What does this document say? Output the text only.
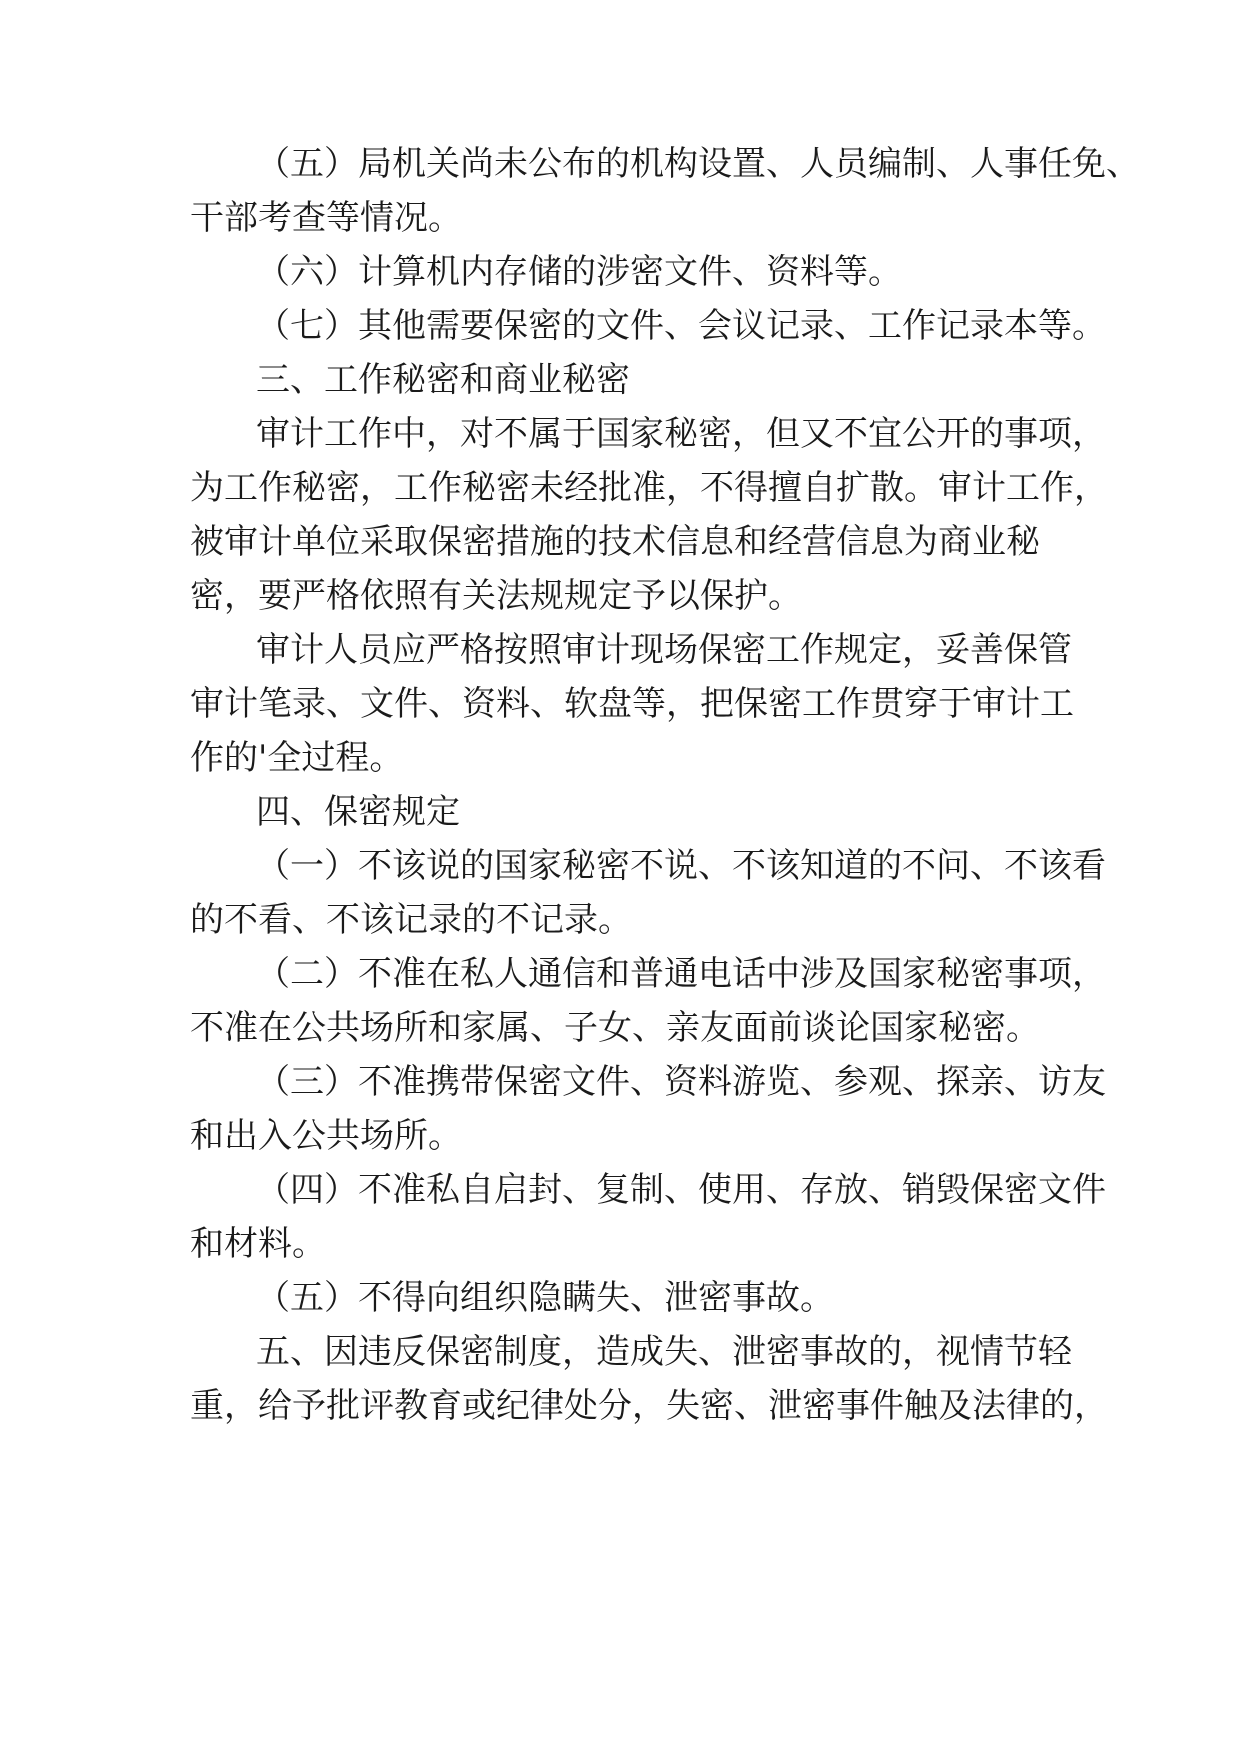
（五）局机关尚未公布的机构设置、人员编制、人事任免、
干部考查等情况。
（六）计算机内存储的涉密文件、资料等。
（七）其他需要保密的文件、会议记录、工作记录本等。
三、工作秘密和商业秘密
审计工作中，对不属于国家秘密，但又不宜公开的事项，
为工作秘密，工作秘密未经批准，不得擅自扩散。审计工作，
被审计单位采取保密措施的技术信息和经营信息为商业秘
密，要严格依照有关法规规定予以保护。
审计人员应严格按照审计现场保密工作规定，妥善保管
审计笔录、文件、资料、软盘等，把保密工作贯穿于审计工
作的'全过程。
四、保密规定
（一）不该说的国家秘密不说、不该知道的不问、不该看
的不看、不该记录的不记录。
（二）不准在私人通信和普通电话中涉及国家秘密事项，
不准在公共场所和家属、子女、亲友面前谈论国家秘密。
（三）不准携带保密文件、资料游览、参观、探亲、访友
和出入公共场所。
（四）不准私自启封、复制、使用、存放、销毁保密文件
和材料。
（五）不得向组织隐瞒失、泄密事故。
五、因违反保密制度，造成失、泄密事故的，视情节轻
重，给予批评教育或纪律处分，失密、泄密事件触及法律的，
